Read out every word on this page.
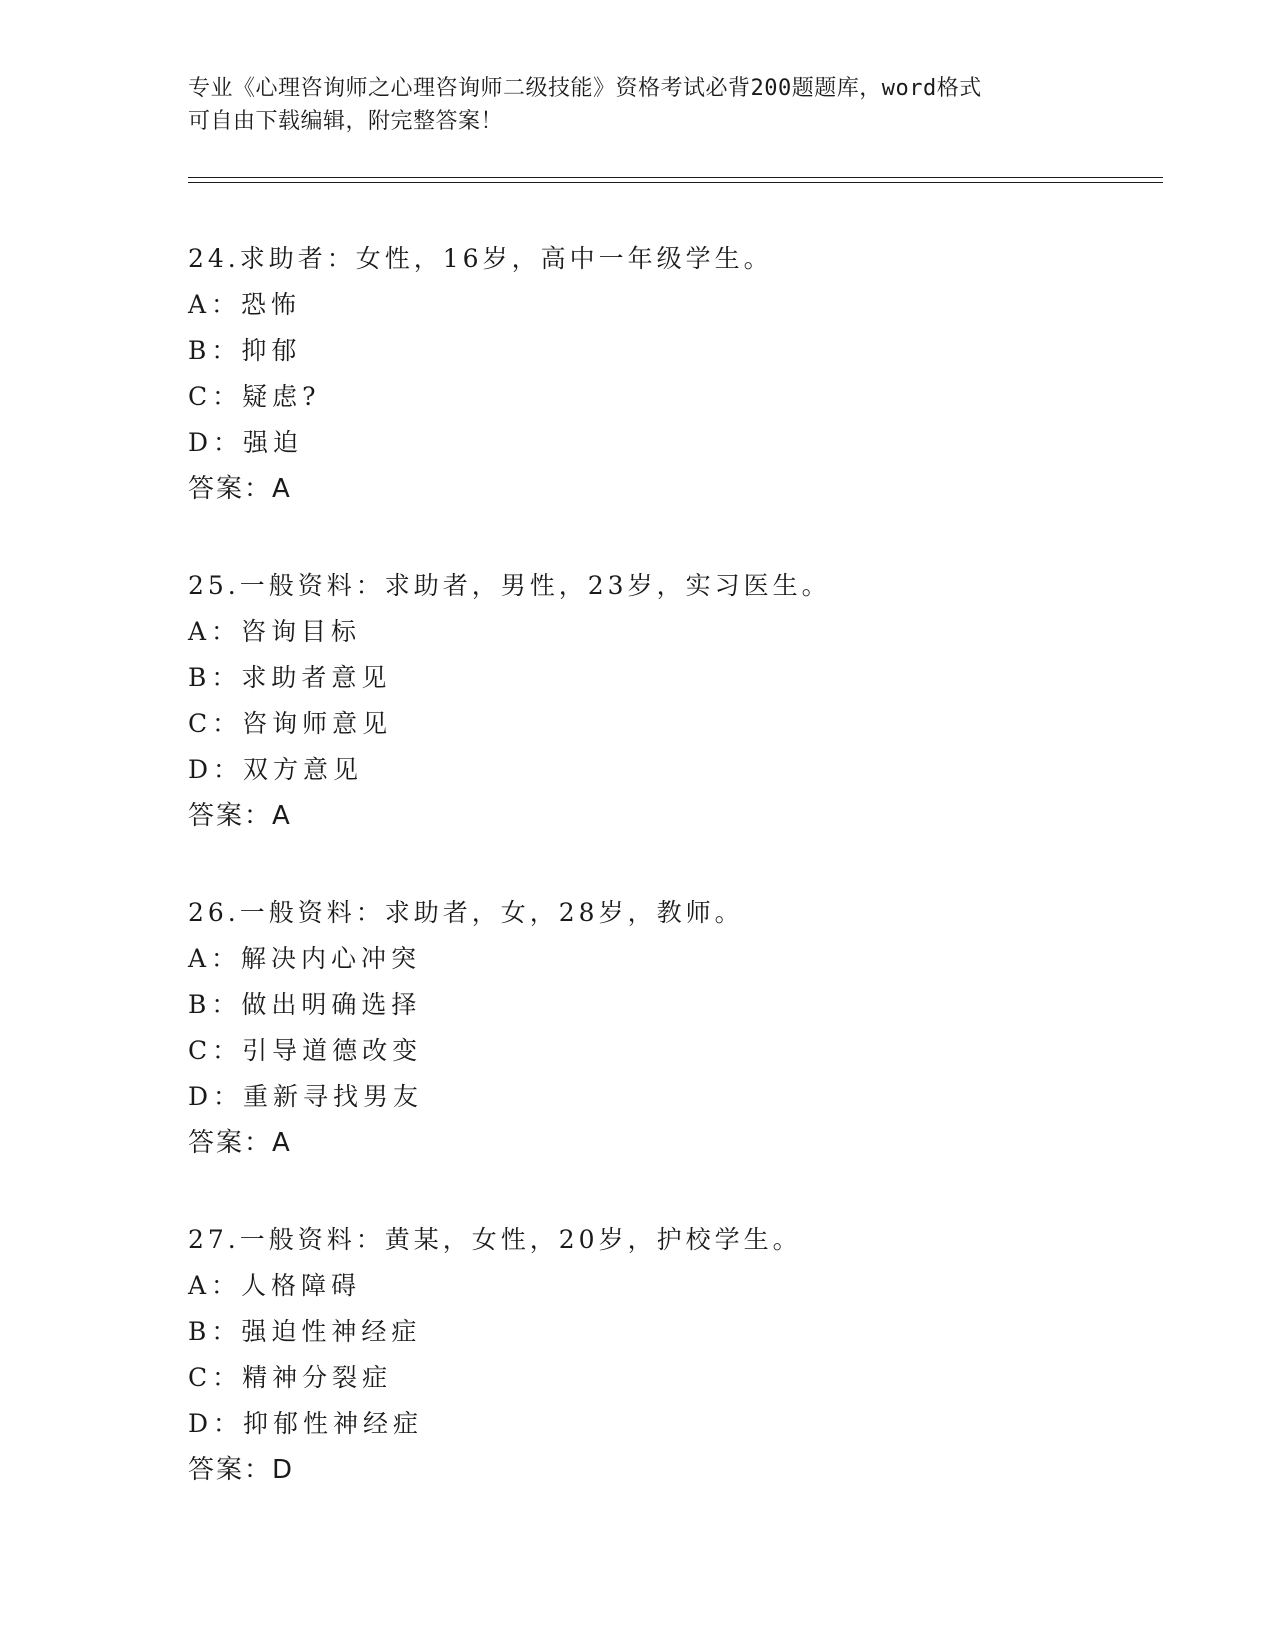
专业《心理咨询师之心理咨询师二级技能》资格考试必背200题题库，word格式
可自由下载编辑，附完整答案！
24.求助者：女性，16岁，高中一年级学生。
A：恐怖
B：抑郁
C：疑虑?
D：强迫
答案：A
25.一般资料：求助者，男性，23岁，实习医生。
A：咨询目标
B：求助者意见
C：咨询师意见
D：双方意见
答案：A
26.一般资料：求助者，女，28岁，教师。
A：解决内心冲突
B：做出明确选择
C：引导道德改变
D：重新寻找男友
答案：A
27.一般资料：黄某，女性，20岁，护校学生。
A：人格障碍
B：强迫性神经症
C：精神分裂症
D：抑郁性神经症
答案：D
